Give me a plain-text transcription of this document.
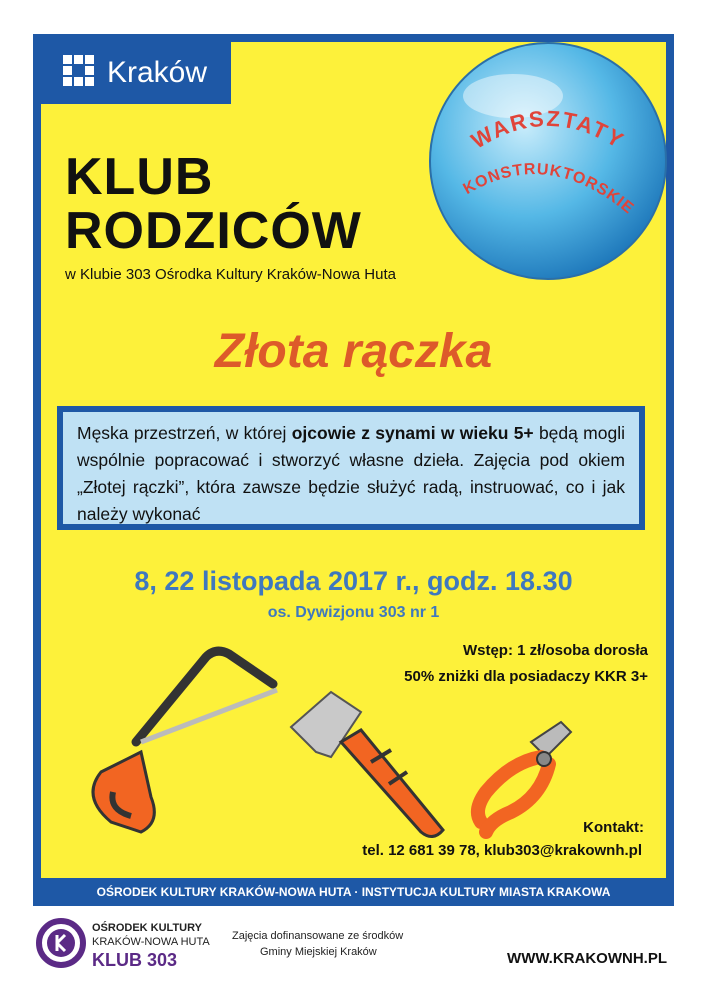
Kraków
WARSZTATY
KONSTRUKTORSKIE
KLUB
RODZICÓW
w Klubie 303 Ośrodka Kultury Kraków-Nowa Huta
Złota rączka
Męska przestrzeń, w której ojcowie z synami w wieku 5+ będą mogli wspólnie popracować i stworzyć własne dzieła. Zajęcia pod okiem „Złotej rączki”, która zawsze będzie służyć radą, instruować, co i jak należy wykonać
8, 22 listopada 2017 r., godz. 18.30
os. Dywizjonu 303 nr 1
Wstęp: 1 zł/osoba dorosła
50% zniżki dla posiadaczy KKR 3+
Kontakt:
tel. 12 681 39 78, klub303@krakownh.pl
OŚRODEK KULTURY KRAKÓW-NOWA HUTA · INSTYTUCJA KULTURY MIASTA KRAKOWA
OŚRODEK KULTURY
KRAKÓW-NOWA HUTA
KLUB 303
Zajęcia dofinansowane ze środków
Gminy Miejskiej Kraków	WWW.KRAKOWNH.PL
